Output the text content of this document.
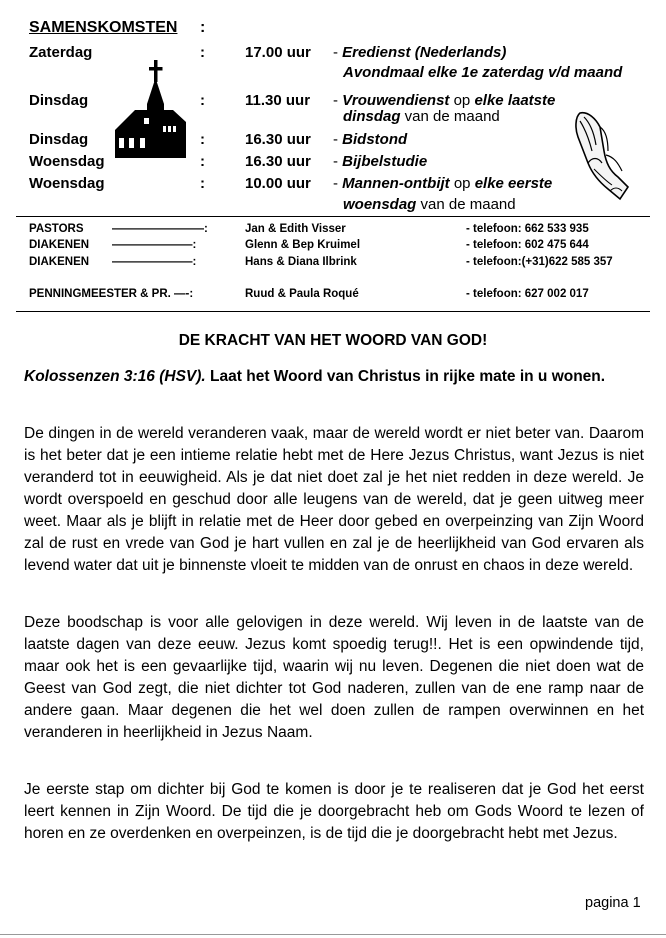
SAMENSKOMSTEN :
Zaterdag	:	17.00 uur - Eredienst (Nederlands)
Avondmaal elke 1e zaterdag v/d maand
Dinsdag	:	11.30 uur - Vrouwendienst op elke laatste
dinsdag van de maand
Dinsdag	:	16.30 uur - Bidstond
Woensdag	:	16.30 uur - Bijbelstudie
Woensdag	:	10.00 uur - Mannen-ontbijt op elke eerste
woensdag van de maand
PASTORS ————————:	Jan & Edith Visser	- telefoon: 662 533 935
DIAKENEN ———————:	Glenn & Bep Kruimel	- telefoon: 602 475 644
DIAKENEN ———————:	Hans & Diana Ilbrink	- telefoon:(+31)622 585 357
PENNINGMEESTER & PR. —-:	Ruud & Paula Roqué	- telefoon: 627 002 017
DE KRACHT VAN HET WOORD VAN GOD!

Kolossenzen 3:16 (HSV). Laat het Woord van Christus in rijke mate in u wonen.

De dingen in de wereld veranderen vaak, maar de wereld wordt er niet beter van. Daarom is het beter dat je een intieme relatie hebt met de Here Jezus Christus, want Jezus is niet veranderd tot in eeuwigheid. Als je dat niet doet zal je het niet redden in deze wereld. Je wordt overspoeld en geschud door alle leugens van de wereld, dat je geen uitweg meer weet. Maar als je blijft in relatie met de Heer door gebed en overpeinzing van Zijn Woord zal de rust en vrede van God je hart vullen en zal je de heerlijkheid van God ervaren als levend water dat uit je binnenste vloeit te midden van de onrust en chaos in deze wereld.

Deze boodschap is voor alle gelovigen in deze wereld. Wij leven in de laatste van de laatste dagen van deze eeuw. Jezus komt spoedig terug!!. Het is een opwindende tijd, maar ook het is een gevaarlijke tijd, waarin wij nu leven. Degenen die niet doen wat de Geest van God zegt, die niet dichter tot God naderen, zullen van de ene ramp naar de andere gaan. Maar degenen die het wel doen zullen de rampen overwinnen en het veranderen in heerlijkheid in Jezus Naam.

Je eerste stap om dichter bij God te komen is door je te realiseren dat je God het eerst leert kennen in Zijn Woord. De tijd die je doorgebracht heb om Gods Woord te lezen of horen en ze overdenken en overpeinzen, is de tijd die je doorgebracht hebt met Jezus.

pagina 1
